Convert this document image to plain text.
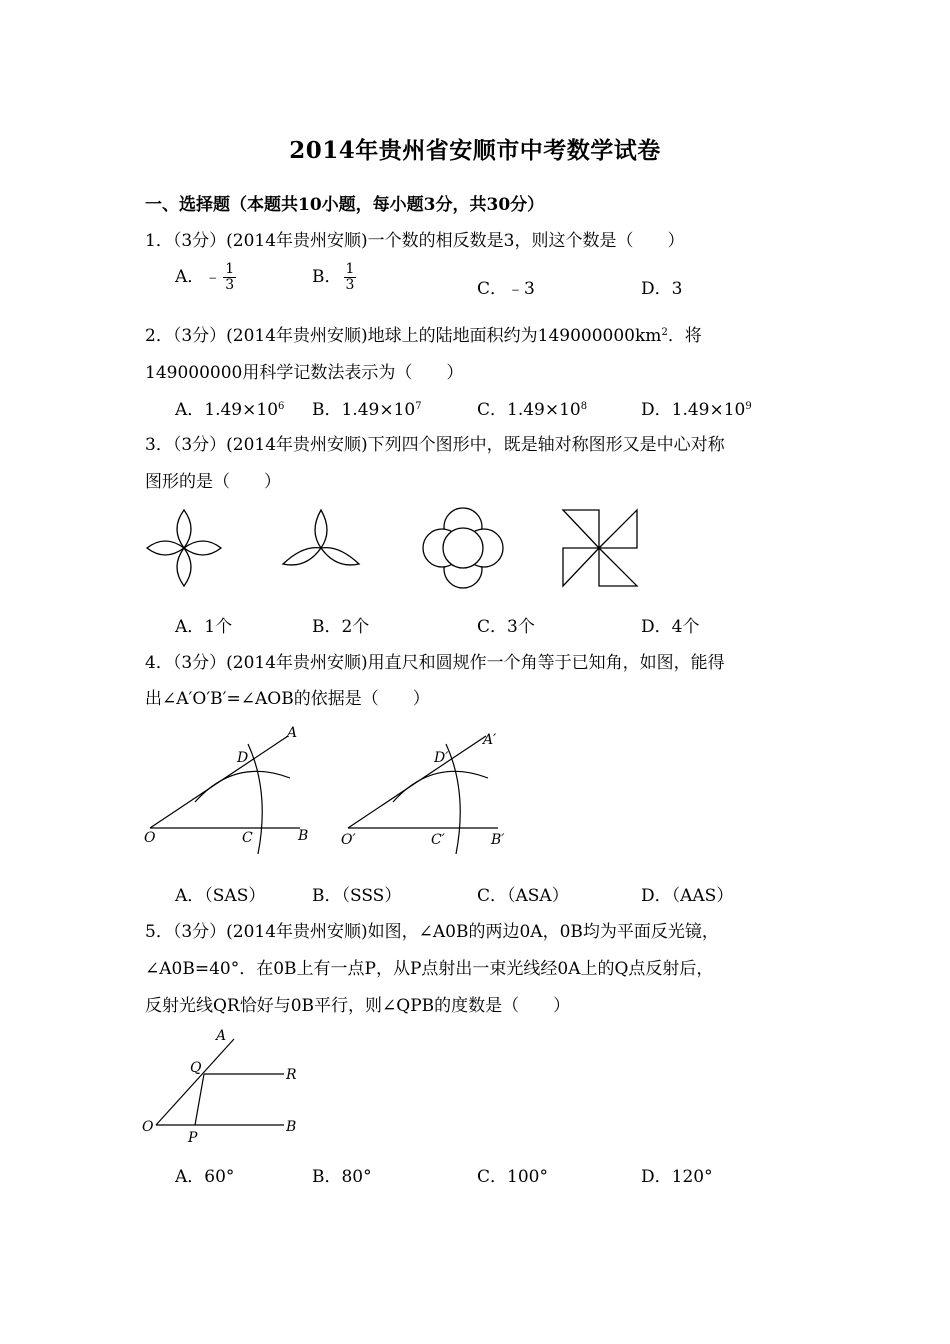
2014年贵州省安顺市中考数学试卷
一、选择题（本题共10小题，每小题3分，共30分）
1．（3分）(2014年贵州安顺)一个数的相反数是3，则这个数是（　　）
A．﹣ $\frac{1}{3}$	B． $\frac{1}{3}$	C．﹣3	D．3
2．（3分）(2014年贵州安顺)地球上的陆地面积约为$149000000km^2$．将
149000000用科学记数法表示为（　　）
A．$1.49\times 10^6$ B．$1.49\times 10^7$	C．$1.49\times 10^8$	D．$1.49\times 10^9$
3．（3分）(2014年贵州安顺)下列四个图形中，既是轴对称图形又是中心对称
图形的是（　　）
A．1个	B．2个	C．3个	D．4个
4．（3分）(2014年贵州安顺)用直尺和圆规作一个角等于已知角，如图，能得
出∠A′O′B′=∠AOB的依据是（　　）
A
D
O	C	B
A′
D′
O′	C′	B′
A．（SAS）	B．（SSS）	C．（ASA）	D．（AAS）
5．（3分）(2014年贵州安顺)如图，∠A0B的两边0A，0B均为平面反光镜，
∠A0B=40°．在0B上有一点P，从P点射出一束光线经0A上的Q点反射后，
反射光线QR恰好与0B平行，则∠QPB的度数是（　　）
A
Q	R
O
P
B
A．60°	B．80°	C．100°	D．120°
